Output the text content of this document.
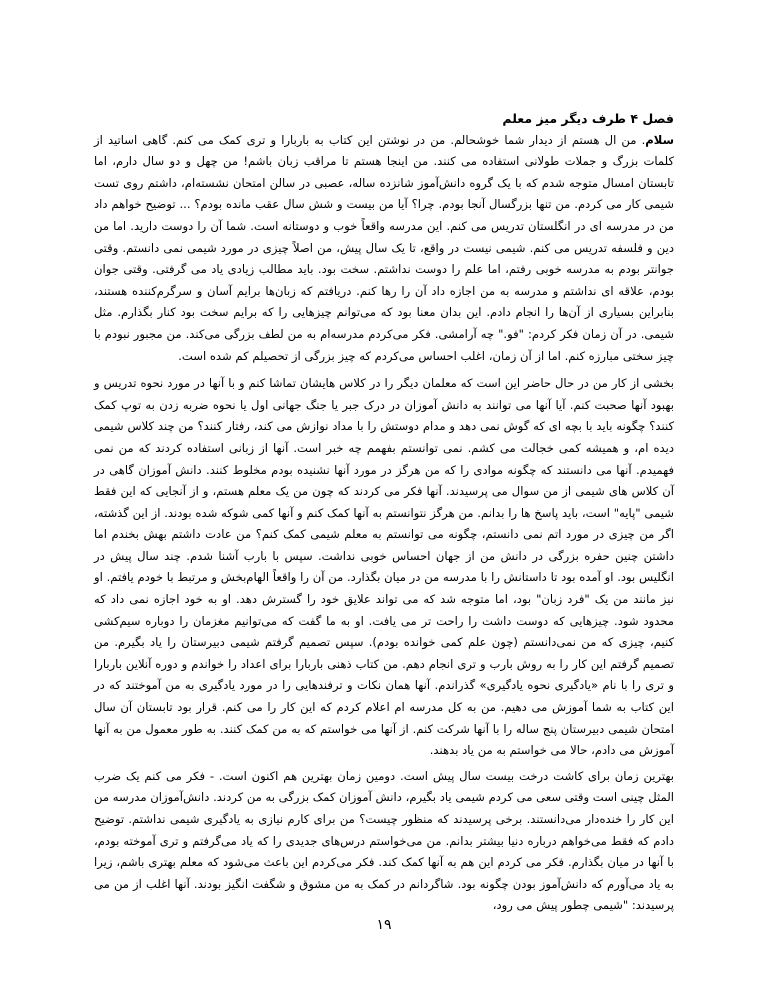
فصل ۴ طرف دیگر میز معلم

سلام. من ال هستم از دیدار شما خوشحالم. من در نوشتن این کتاب به باربارا و تری کمک می کنم. گاهی اساتید از کلمات بزرگ و جملات طولانی استفاده می کنند. من اینجا هستم تا مراقب زبان باشم! من چهل و دو سال دارم، اما تابستان امسال متوجه شدم که با یک گروه دانش‌آموز شانزده ساله، عصبی در سالن امتحان نشسته‌ام، داشتم روی تست شیمی کار می کردم. من تنها بزرگسال آنجا بودم. چرا؟ آیا من بیست و شش سال عقب مانده بودم؟ ... توضیح خواهم داد من در مدرسه ای در انگلستان تدریس می کنم. این مدرسه واقعاً خوب و دوستانه است. شما آن را دوست دارید. اما من دین و فلسفه تدریس می کنم. شیمی نیست در واقع، تا یک سال پیش، من اصلاً چیزی در مورد شیمی نمی دانستم. وقتی جوانتر بودم به مدرسه خوبی رفتم، اما علم را دوست نداشتم. سخت بود. باید مطالب زیادی یاد می گرفتی. وقتی جوان بودم، علاقه ای نداشتم و مدرسه به من اجازه داد آن را رها کنم. دریافتم که زبان‌ها برایم آسان و سرگرم‌کننده هستند، بنابراین بسیاری از آن‌ها را انجام دادم. این بدان معنا بود که می‌توانم چیزهایی را که برایم سخت بود کنار بگذارم. مثل شیمی. در آن زمان فکر کردم: "فو." چه آرامشی. فکر می‌کردم مدرسه‌ام به من لطف بزرگی می‌کند. من مجبور نبودم با چیز سختی مبارزه کنم. اما از آن زمان، اغلب احساس می‌کردم که چیز بزرگی از تحصیلم کم شده است.

بخشی از کار من در حال حاضر این است که معلمان دیگر را در کلاس هایشان تماشا کنم و با آنها در مورد نحوه تدریس و بهبود آنها صحبت کنم. آیا آنها می توانند به دانش آموزان در درک جبر یا جنگ جهانی اول یا نحوه ضربه زدن به توپ کمک کنند؟ چگونه باید با بچه ای که گوش نمی دهد و مدام دوستش را با مداد نوازش می کند، رفتار کنند؟ من چند کلاس شیمی دیده ام، و همیشه کمی خجالت می کشم. نمی توانستم بفهمم چه خبر است. آنها از زبانی استفاده کردند که من نمی فهمیدم. آنها می دانستند که چگونه موادی را که من هرگز در مورد آنها نشنیده بودم مخلوط کنند. دانش آموزان گاهی در آن کلاس های شیمی از من سوال می پرسیدند. آنها فکر می کردند که چون من یک معلم هستم، و از آنجایی که این فقط شیمی "پایه" است، باید پاسخ ها را بدانم. من هرگز نتوانستم به آنها کمک کنم و آنها کمی شوکه شده بودند. از این گذشته، اگر من چیزی در مورد اتم نمی دانستم، چگونه می توانستم به معلم شیمی کمک کنم؟ من عادت داشتم بهش بخندم اما داشتن چنین حفره بزرگی در دانش من از جهان احساس خوبی نداشت. سپس با بارب آشنا شدم. چند سال پیش در انگلیس بود. او آمده بود تا داستانش را با مدرسه من در میان بگذارد. من آن را واقعاً الهام‌بخش و مرتبط با خودم یافتم. او نیز مانند من یک "فرد زبان" بود، اما متوجه شد که می تواند علایق خود را گسترش دهد. او به خود اجازه نمی داد که محدود شود. چیزهایی که دوست داشت را راحت تر می یافت. او به ما گفت که می‌توانیم مغزمان را دوباره سیم‌کشی کنیم، چیزی که من نمی‌دانستم (چون علم کمی خوانده بودم). سپس تصمیم گرفتم شیمی دبیرستان را یاد بگیرم. من تصمیم گرفتم این کار را به روش بارب و تری انجام دهم. من کتاب ذهنی باربارا برای اعداد را خواندم و دوره آنلاین باربارا و تری را با نام «یادگیری نحوه یادگیری» گذراندم. آنها همان نکات و ترفندهایی را در مورد یادگیری به من آموختند که در این کتاب به شما آموزش می دهیم. من به کل مدرسه ام اعلام کردم که این کار را می کنم. قرار بود تابستان آن سال امتحان شیمی دبیرستان پنج ساله را با آنها شرکت کنم. از آنها می خواستم که به من کمک کنند. به طور معمول من به آنها آموزش می دادم، حالا می خواستم به من یاد بدهند.

بهترین زمان برای کاشت درخت بیست سال پیش است. دومین زمان بهترین هم اکنون است. - فکر می کنم یک ضرب المثل چینی است وقتی سعی می کردم شیمی یاد بگیرم، دانش آموزان کمک بزرگی به من کردند. دانش‌آموزان مدرسه من این کار را خنده‌دار می‌دانستند. برخی پرسیدند که منظور چیست؟ من برای کارم نیازی به یادگیری شیمی نداشتم. توضیح دادم که فقط می‌خواهم درباره دنیا بیشتر بدانم. من می‌خواستم درس‌های جدیدی را که یاد می‌گرفتم و تری آموخته بودم، با آنها در میان بگذارم. فکر می کردم این هم به آنها کمک کند. فکر می‌کردم این باعث می‌شود که معلم بهتری باشم، زیرا به یاد می‌آورم که دانش‌آموز بودن چگونه بود. شاگردانم در کمک به من مشوق و شگفت انگیز بودند. آنها اغلب از من می پرسیدند: "شیمی چطور پیش می رود،

۱۹
